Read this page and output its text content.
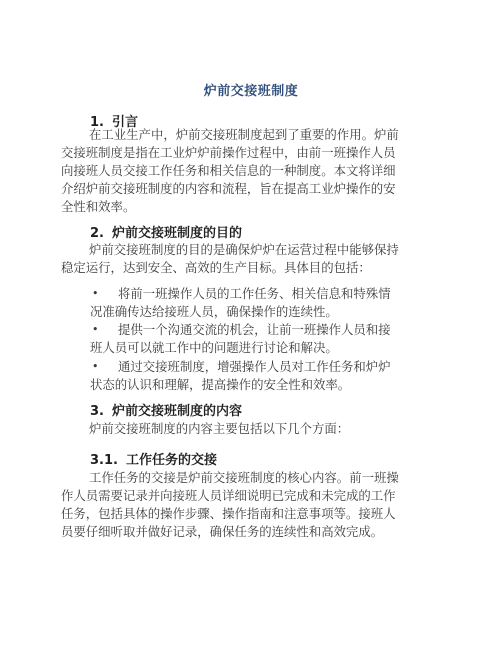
炉前交接班制度
1. 引言
在工业生产中，炉前交接班制度起到了重要的作用。炉前
交接班制度是指在工业炉炉前操作过程中，由前一班操作人员
向接班人员交接工作任务和相关信息的一种制度。本文将详细
介绍炉前交接班制度的内容和流程，旨在提高工业炉操作的安
全性和效率。
2. 炉前交接班制度的目的
炉前交接班制度的目的是确保炉炉在运营过程中能够保持
稳定运行，达到安全、高效的生产目标。具体目的包括：
• 将前一班操作人员的工作任务、相关信息和特殊情
况准确传达给接班人员，确保操作的连续性。
• 提供一个沟通交流的机会，让前一班操作人员和接
班人员可以就工作中的问题进行讨论和解决。
• 通过交接班制度，增强操作人员对工作任务和炉炉
状态的认识和理解，提高操作的安全性和效率。
3. 炉前交接班制度的内容
炉前交接班制度的内容主要包括以下几个方面：
3.1. 工作任务的交接
工作任务的交接是炉前交接班制度的核心内容。前一班操
作人员需要记录并向接班人员详细说明已完成和未完成的工作
任务，包括具体的操作步骤、操作指南和注意事项等。接班人
员要仔细听取并做好记录，确保任务的连续性和高效完成。
